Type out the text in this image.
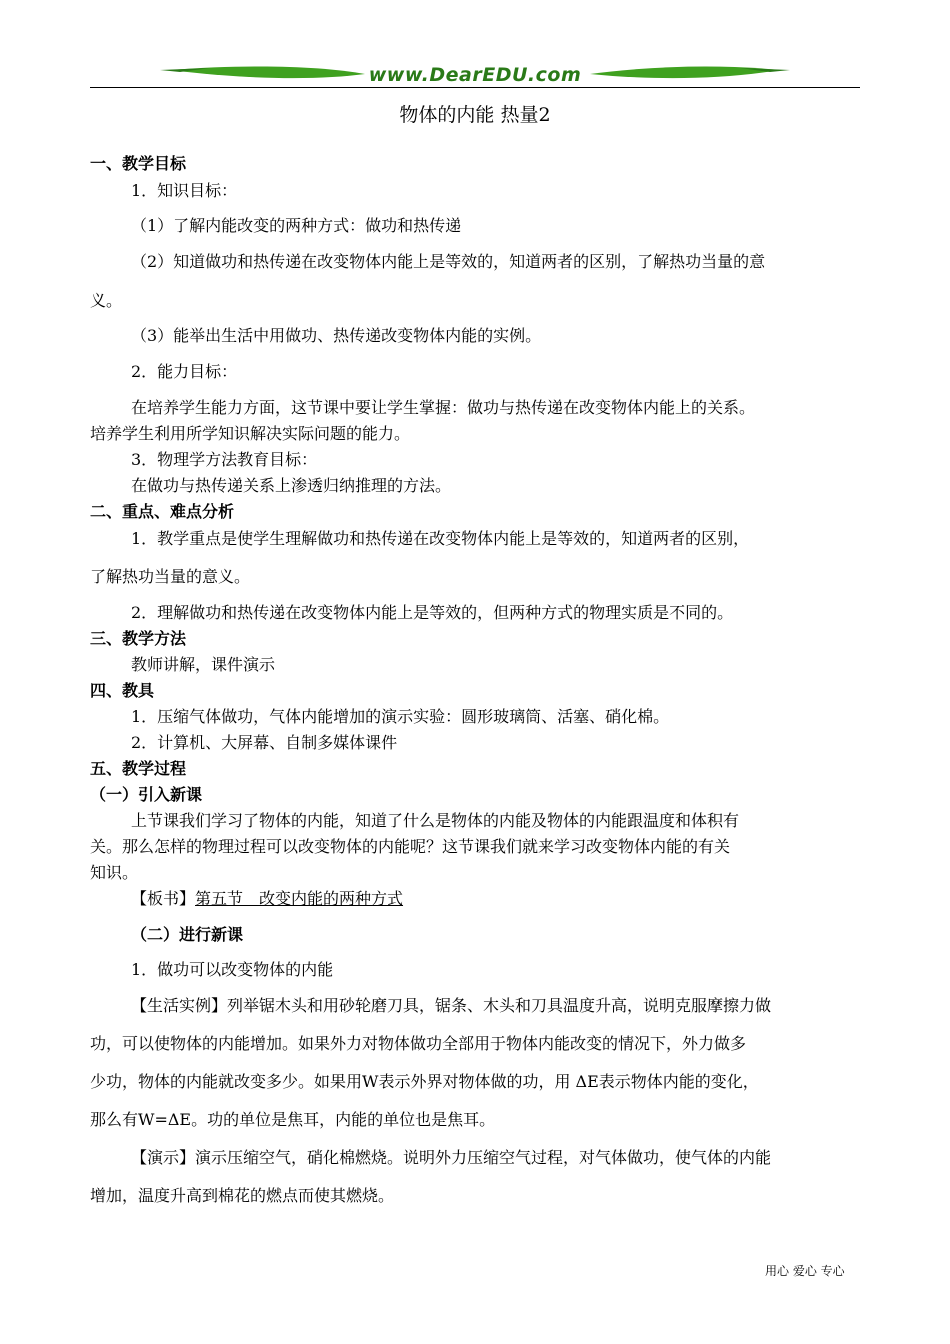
www.DearEDU.com
物体的内能 热量2
一、教学目标
1．知识目标：
（1）了解内能改变的两种方式：做功和热传递
（2）知道做功和热传递在改变物体内能上是等效的，知道两者的区别，了解热功当量的意
义。
（3）能举出生活中用做功、热传递改变物体内能的实例。
2．能力目标：
在培养学生能力方面，这节课中要让学生掌握：做功与热传递在改变物体内能上的关系。
培养学生利用所学知识解决实际问题的能力。
3．物理学方法教育目标：
在做功与热传递关系上渗透归纳推理的方法。
二、重点、难点分析
1．教学重点是使学生理解做功和热传递在改变物体内能上是等效的，知道两者的区别，
了解热功当量的意义。
2．理解做功和热传递在改变物体内能上是等效的，但两种方式的物理实质是不同的。
三、教学方法
教师讲解，课件演示
四、教具
1．压缩气体做功，气体内能增加的演示实验：圆形玻璃筒、活塞、硝化棉。
2．计算机、大屏幕、自制多媒体课件
五、教学过程
（一）引入新课
上节课我们学习了物体的内能，知道了什么是物体的内能及物体的内能跟温度和体积有
关。那么怎样的物理过程可以改变物体的内能呢？这节课我们就来学习改变物体内能的有关
知识。
【板书】第五节　改变内能的两种方式
（二）进行新课
1．做功可以改变物体的内能
【生活实例】列举锯木头和用砂轮磨刀具，锯条、木头和刀具温度升高，说明克服摩擦力做
功，可以使物体的内能增加。如果外力对物体做功全部用于物体内能改变的情况下，外力做多
少功，物体的内能就改变多少。如果用W表示外界对物体做的功，用 ΔE表示物体内能的变化，
那么有W=ΔE。功的单位是焦耳，内能的单位也是焦耳。
【演示】演示压缩空气，硝化棉燃烧。说明外力压缩空气过程，对气体做功，使气体的内能
增加，温度升高到棉花的燃点而使其燃烧。
用心 爱心 专心
